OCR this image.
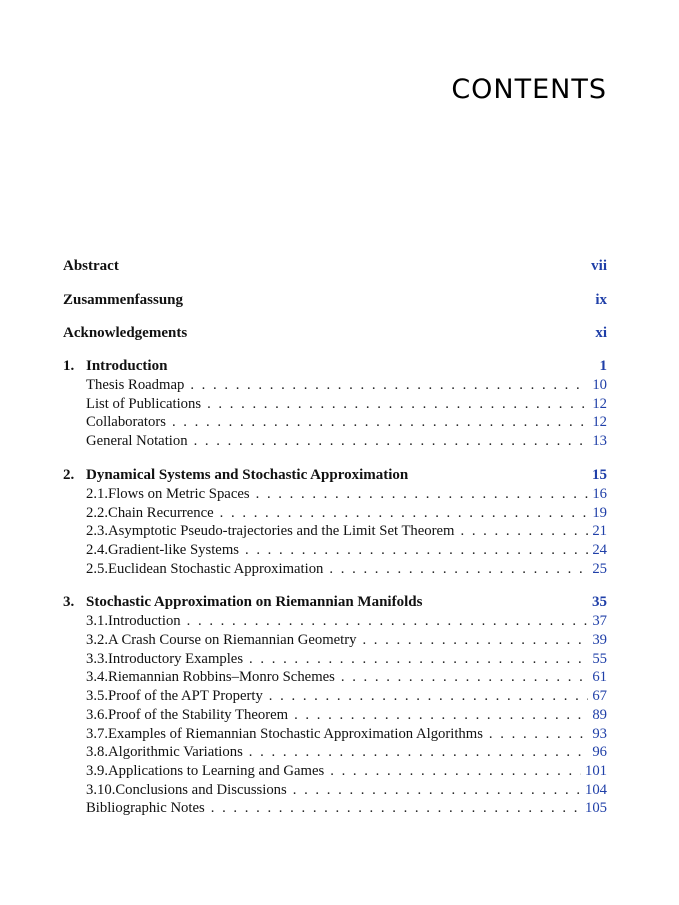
CONTENTS
Abstract	vii
Zusammenfassung	ix
Acknowledgements	xi
1. Introduction	1
Thesis Roadmap . . .	10
List of Publications . . .	12
Collaborators . . .	12
General Notation . . .	13
2. Dynamical Systems and Stochastic Approximation	15
2.1. Flows on Metric Spaces . . .	16
2.2. Chain Recurrence . . .	19
2.3. Asymptotic Pseudo-trajectories and the Limit Set Theorem . . .	21
2.4. Gradient-like Systems . . .	24
2.5. Euclidean Stochastic Approximation . . .	25
3. Stochastic Approximation on Riemannian Manifolds	35
3.1. Introduction . . .	37
3.2. A Crash Course on Riemannian Geometry . . .	39
3.3. Introductory Examples . . .	55
3.4. Riemannian Robbins–Monro Schemes . . .	61
3.5. Proof of the APT Property . . .	67
3.6. Proof of the Stability Theorem . . .	89
3.7. Examples of Riemannian Stochastic Approximation Algorithms . . .	93
3.8. Algorithmic Variations . . .	96
3.9. Applications to Learning and Games . . .	101
3.10. Conclusions and Discussions . . .	104
Bibliographic Notes . . .	105
